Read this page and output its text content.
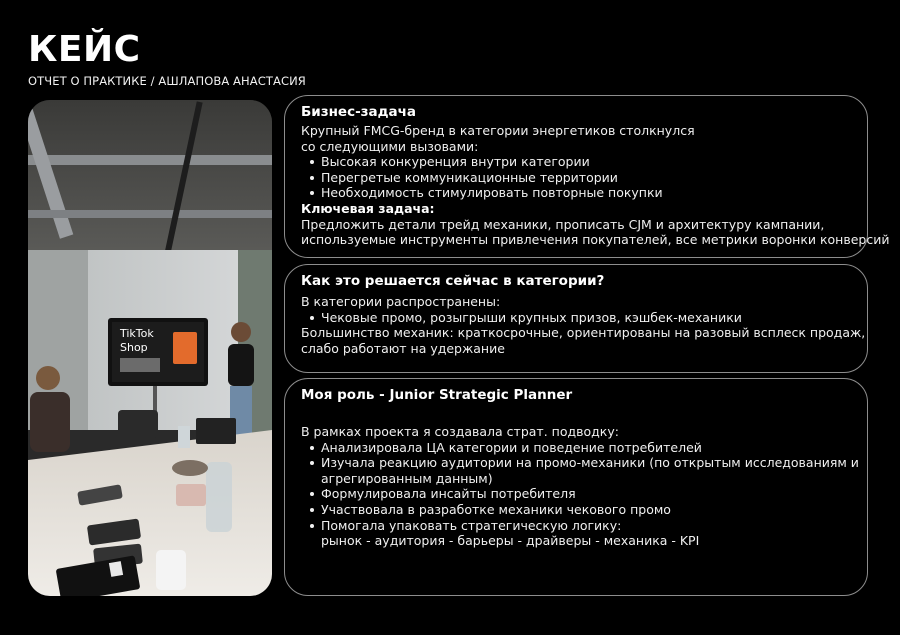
КЕЙС
ОТЧЕТ О ПРАКТИКЕ / АШЛАПОВА АНАСТАСИЯ
TikTok
Shop
Бизнес-задача
Крупный FMCG-бренд в категории энергетиков столкнулся
со следующими вызовами:
Высокая конкуренция внутри категории
Перегретые коммуникационные территории
Необходимость стимулировать повторные покупки
Ключевая задача:
Предложить детали трейд механики, прописать CJM и архитектуру кампании,
используемые инструменты привлечения покупателей, все метрики воронки конверсий
Как это решается сейчас в категории?
В категории распространены:
Чековые промо, розыгрыши крупных призов, кэшбек-механики
Большинство механик: краткосрочные, ориентированы на разовый всплеск продаж,
слабо работают на удержание
Моя роль - Junior Strategic Planner
В рамках проекта я создавала страт. подводку:
Анализировала ЦА категории и поведение потребителей
Изучала реакцию аудитории на промо-механики (по открытым исследованиям и
агрегированным данным)
Формулировала инсайты потребителя
Участвовала в разработке механики чекового промо
Помогала упаковать стратегическую логику:
рынок - аудитория - барьеры - драйверы - механика - KPI
